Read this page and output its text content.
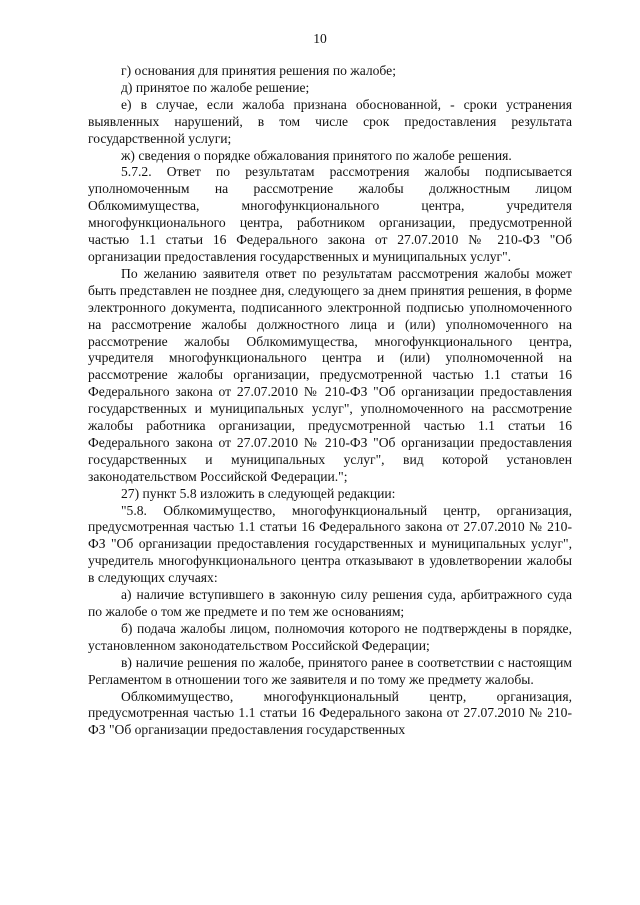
10

г) основания для принятия решения по жалобе;

д) принятое по жалобе решение;

е) в случае, если жалоба признана обоснованной, - сроки устранения выявленных нарушений, в том числе срок предоставления результата государственной услуги;

ж) сведения о порядке обжалования принятого по жалобе решения.

5.7.2. Ответ по результатам рассмотрения жалобы подписывается уполномоченным на рассмотрение жалобы должностным лицом Облкомимущества, многофункционального центра, учредителя многофункционального центра, работником организации, предусмотренной частью 1.1 статьи 16 Федерального закона от 27.07.2010 № 210-ФЗ "Об организации предоставления государственных и муниципальных услуг".

По желанию заявителя ответ по результатам рассмотрения жалобы может быть представлен не позднее дня, следующего за днем принятия решения, в форме электронного документа, подписанного электронной подписью уполномоченного на рассмотрение жалобы должностного лица и (или) уполномоченного на рассмотрение жалобы Облкомимущества, многофункционального центра, учредителя многофункционального центра и (или) уполномоченной на рассмотрение жалобы организации, предусмотренной частью 1.1 статьи 16 Федерального закона от 27.07.2010 № 210-ФЗ "Об организации предоставления государственных и муниципальных услуг", уполномоченного на рассмотрение жалобы работника организации, предусмотренной частью 1.1 статьи 16 Федерального закона от 27.07.2010 № 210-ФЗ "Об организации предоставления государственных и муниципальных услуг", вид которой установлен законодательством Российской Федерации.";

27) пункт 5.8 изложить в следующей редакции:

"5.8. Облкомимущество, многофункциональный центр, организация, предусмотренная частью 1.1 статьи 16 Федерального закона от 27.07.2010 № 210-ФЗ "Об организации предоставления государственных и муниципальных услуг", учредитель многофункционального центра отказывают в удовлетворении жалобы в следующих случаях:

а) наличие вступившего в законную силу решения суда, арбитражного суда по жалобе о том же предмете и по тем же основаниям;

б) подача жалобы лицом, полномочия которого не подтверждены в порядке, установленном законодательством Российской Федерации;

в) наличие решения по жалобе, принятого ранее в соответствии с настоящим Регламентом в отношении того же заявителя и по тому же предмету жалобы.

Облкомимущество, многофункциональный центр, организация, предусмотренная частью 1.1 статьи 16 Федерального закона от 27.07.2010 № 210-ФЗ "Об организации предоставления государственных
